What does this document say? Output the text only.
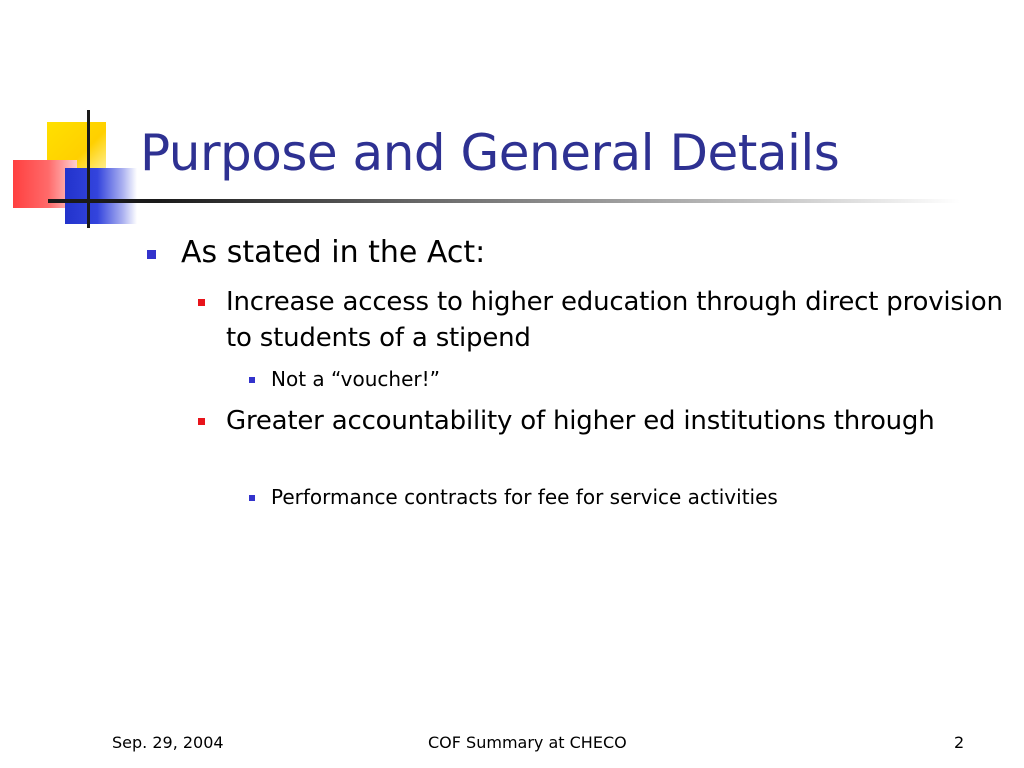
Purpose and General Details
As stated in the Act:
Increase access to higher education through direct provision to students of a stipend
Not a “voucher!”
Greater accountability of higher ed institutions through
Performance contracts for fee for service activities
Sep. 29, 2004	COF Summary at CHECO	2
